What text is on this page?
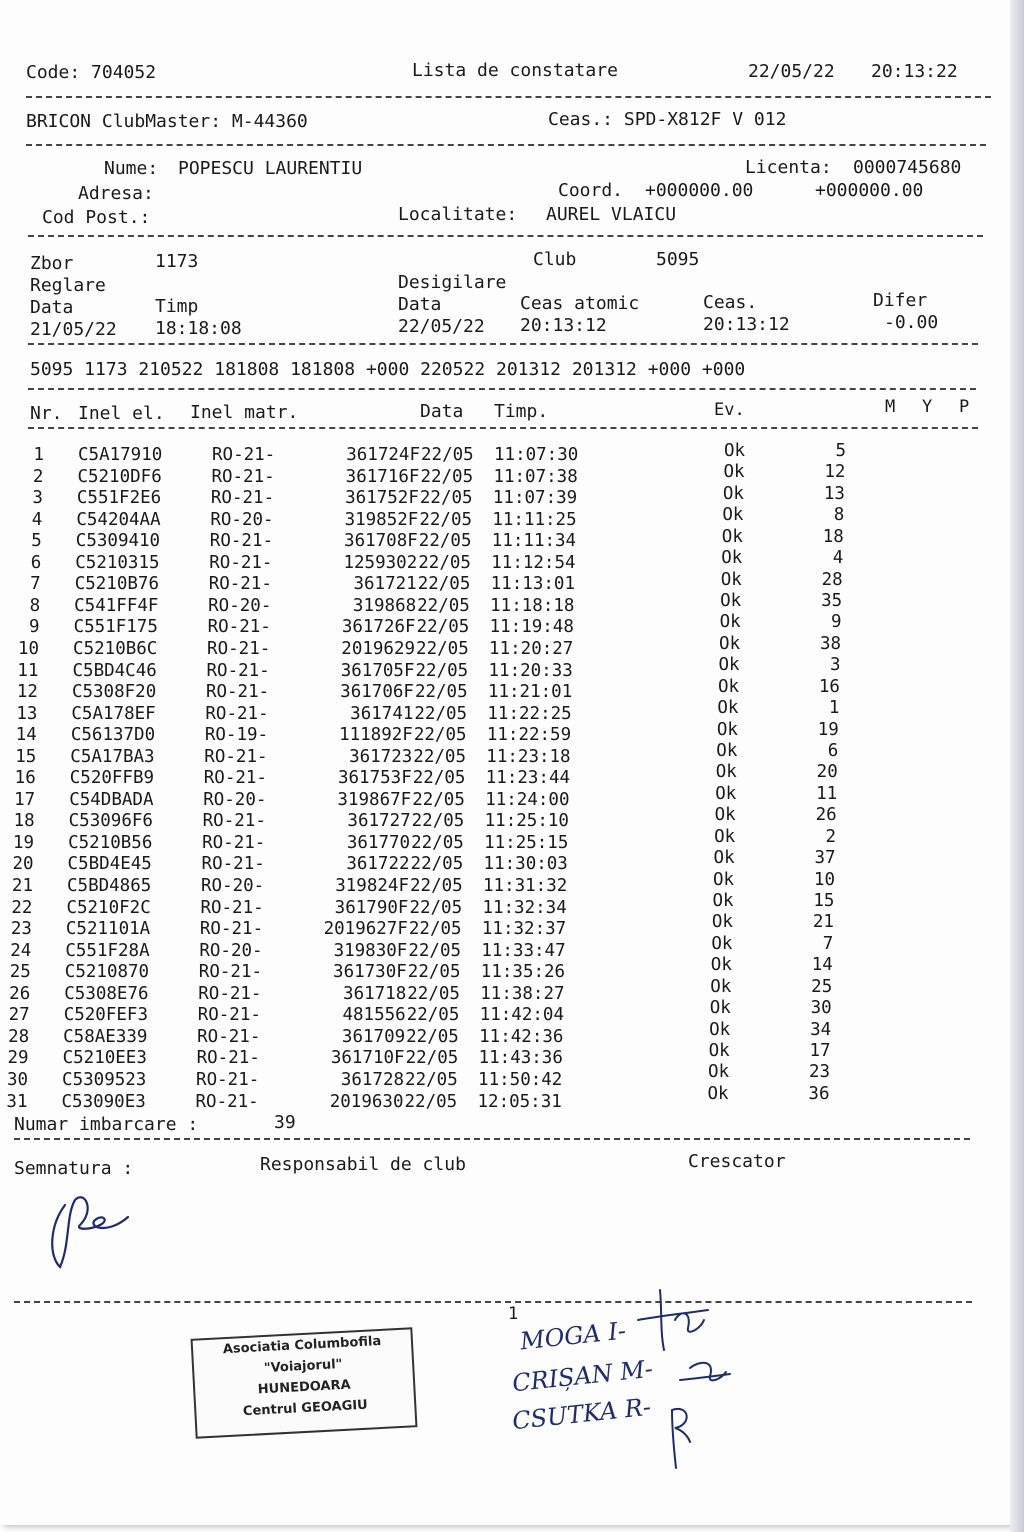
Code: 704052	Lista de constatare	22/05/22 20:13:22
BRICON ClubMaster: M-44360	Ceas.: SPD-X812F V 012
Nume: POPESCU LAURENTIU	Licenta: 0000745680
Adresa:	Coord. +000000.00	+000000.00
Cod Post.:	Localitate: AUREL VLAICU
Zbor	1173	Club	5095
Reglare	Desigilare
Data	Timp	Data	Ceas atomic	Ceas.	Difer
21/05/22 18:18:08	22/05/22 20:13:12	20:13:12	-0.00
5095 1173 210522 181808 181808 +000 220522 201312 201312 +000 +000
Nr. Inel el. Inel matr.	Data Timp.	Ev.	M Y P
1 C5A17910	RO-21-	361724F 22/05 11:07:30	Ok	5
2 C5210DF6	RO-21-	361716F 22/05 11:07:38	Ok	12
3 C551F2E6	RO-21-	361752F 22/05 11:07:39	Ok	13
4 C54204AA	RO-20-	319852F 22/05 11:11:25	Ok	8
5 C5309410	RO-21-	361708F 22/05 11:11:34	Ok	18
6 C5210315	RO-21-	1259302 22/05 11:12:54	Ok	4
7 C5210B76	RO-21-	361721 22/05 11:13:01	Ok	28
8 C541FF4F	RO-20-	319868 22/05 11:18:18	Ok	35
9 C551F175	RO-21-	361726F 22/05 11:19:48	Ok	9
10 C5210B6C	RO-21-	2019629 22/05 11:20:27	Ok	38
11 C5BD4C46	RO-21-	361705F 22/05 11:20:33	Ok	3
12 C5308F20	RO-21-	361706F 22/05 11:21:01	Ok	16
13 C5A178EF	RO-21-	361741 22/05 11:22:25	Ok	1
14 C56137D0	RO-19-	111892F 22/05 11:22:59	Ok	19
15 C5A17BA3	RO-21-	361723 22/05 11:23:18	Ok	6
16 C520FFB9	RO-21-	361753F 22/05 11:23:44	Ok	20
17 C54DBADA	RO-20-	319867F 22/05 11:24:00	Ok	11
18 C53096F6	RO-21-	361727 22/05 11:25:10	Ok	26
19 C5210B56	RO-21-	361770 22/05 11:25:15	Ok	2
20 C5BD4E45	RO-21-	361722 22/05 11:30:03	Ok	37
21 C5BD4865	RO-20-	319824F 22/05 11:31:32	Ok	10
22 C5210F2C	RO-21-	361790F 22/05 11:32:34	Ok	15
23 C521101A	RO-21-	2019627F 22/05 11:32:37	Ok	21
24 C551F28A	RO-20-	319830F 22/05 11:33:47	Ok	7
25 C5210870	RO-21-	361730F 22/05 11:35:26	Ok	14
26 C5308E76	RO-21-	361718 22/05 11:38:27	Ok	25
27 C520FEF3	RO-21-	481556 22/05 11:42:04	Ok	30
28 C58AE339	RO-21-	361709 22/05 11:42:36	Ok	34
29 C5210EE3	RO-21-	361710F 22/05 11:43:36	Ok	17
30 C5309523	RO-21-	361728 22/05 11:50:42	Ok	23
31 C53090E3	RO-21-	2019630 22/05 12:05:31	Ok	36
Numar imbarcare :	39
Semnatura :	Responsabil de club	Crescator
1
Asociatia Columbofila
"Voiajorul"
HUNEDOARA
Centrul GEOAGIU
MOGA I-
CRIȘAN M-
CSUTKA R-
